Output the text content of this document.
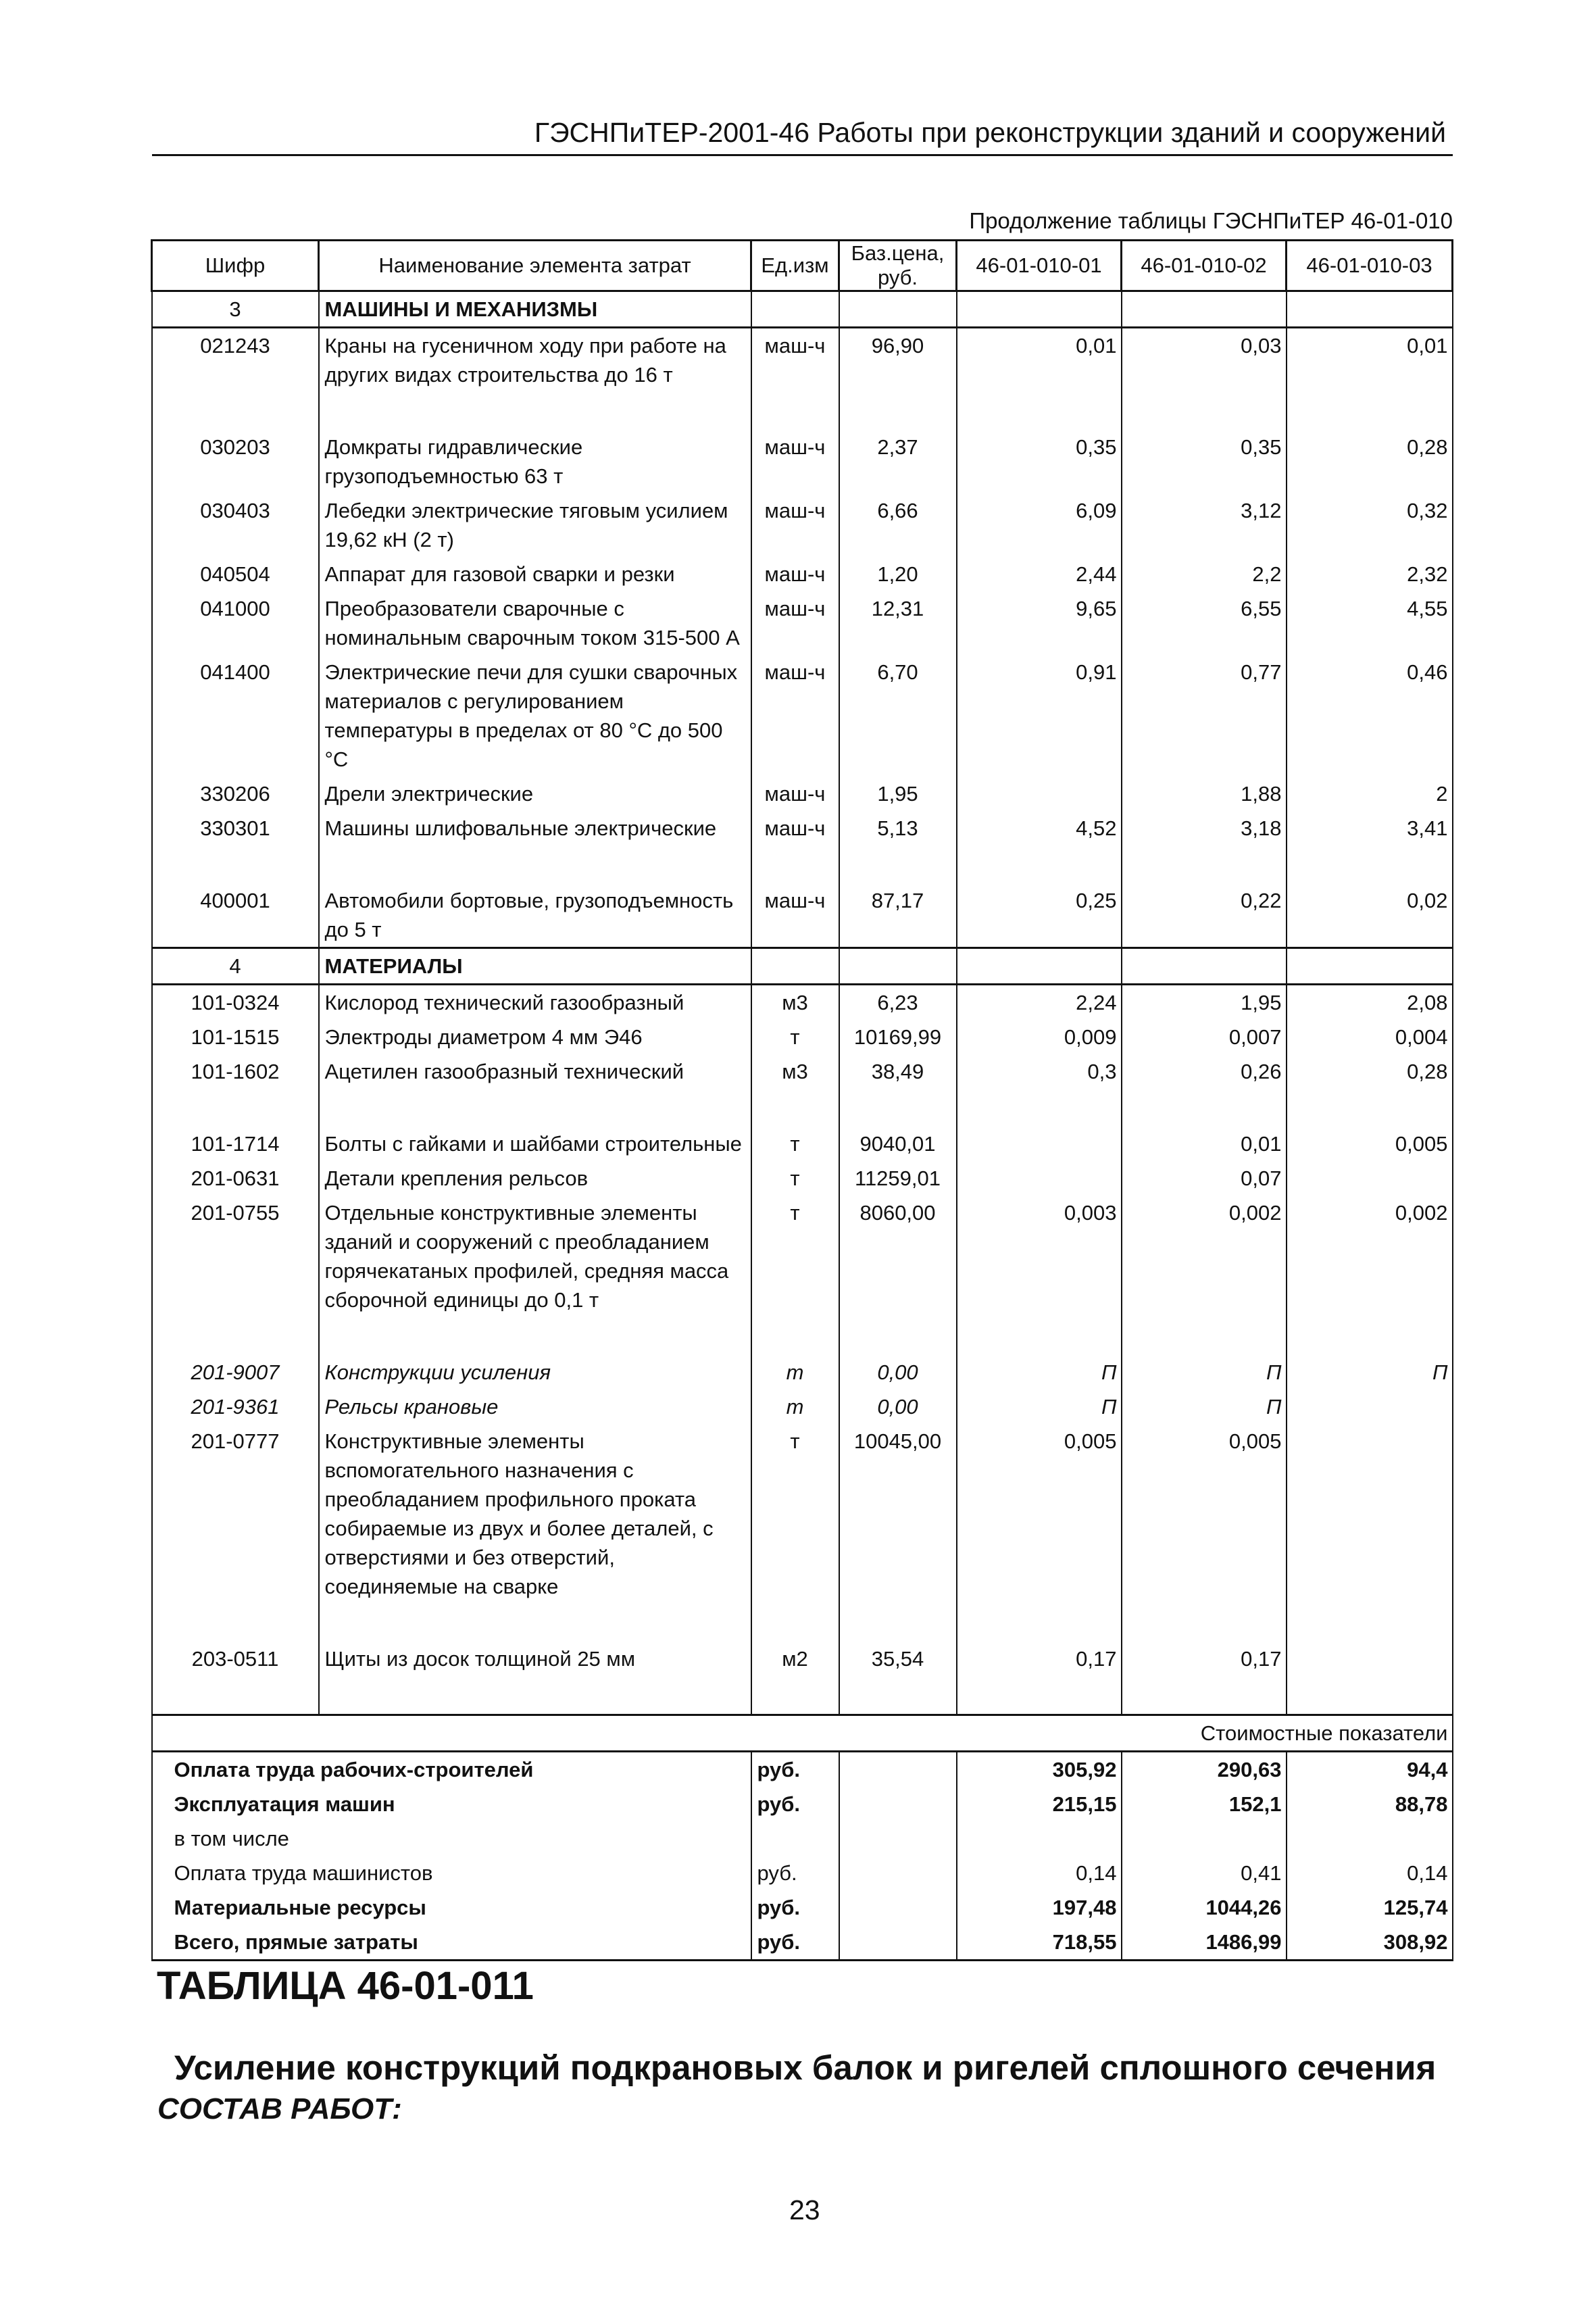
ГЭСНПиТЕР-2001-46 Работы при реконструкции зданий и сооружений
Продолжение таблицы ГЭСНПиТЕР 46-01-010
Шифр	Наименование элемента затрат	Ед.изм	Баз.цена, руб.	46-01-010-01	46-01-010-02	46-01-010-03
3	МАШИНЫ И МЕХАНИЗМЫ					
021243	Краны на гусеничном ходу при работе на других видах строительства до 16 т	маш-ч	96,90	0,01	0,03	0,01

030203	Домкраты гидравлические грузоподъемностью 63 т	маш-ч	2,37	0,35	0,35	0,28
030403	Лебедки электрические тяговым усилием 19,62 кН (2 т)	маш-ч	6,66	6,09	3,12	0,32
040504	Аппарат для газовой сварки и резки	маш-ч	1,20	2,44	2,2	2,32
041000	Преобразователи сварочные с номинальным сварочным током 315-500 А	маш-ч	12,31	9,65	6,55	4,55
041400	Электрические печи для сушки сварочных материалов с регулированием температуры в пределах от 80 °С до 500 °С	маш-ч	6,70	0,91	0,77	0,46
330206	Дрели электрические	маш-ч	1,95		1,88	2
330301	Машины шлифовальные электрические	маш-ч	5,13	4,52	3,18	3,41

400001	Автомобили бортовые, грузоподъемность до 5 т	маш-ч	87,17	0,25	0,22	0,02
4	МАТЕРИАЛЫ					
101-0324	Кислород технический газообразный	м3	6,23	2,24	1,95	2,08
101-1515	Электроды диаметром 4 мм Э46	т	10169,99	0,009	0,007	0,004
101-1602	Ацетилен газообразный технический	м3	38,49	0,3	0,26	0,28

101-1714	Болты с гайками и шайбами строительные	т	9040,01		0,01	0,005
201-0631	Детали крепления рельсов	т	11259,01		0,07	
201-0755	Отдельные конструктивные элементы зданий и сооружений с преобладанием горячекатаных профилей, средняя масса сборочной единицы до 0,1 т	т	8060,00	0,003	0,002	0,002

201-9007	Конструкции усиления	т	0,00	П	П	П
201-9361	Рельсы крановые	т	0,00	П	П	
201-0777	Конструктивные элементы вспомогательного назначения с преобладанием профильного проката собираемые из двух и более деталей, с отверстиями и без отверстий, соединяемые на сварке	т	10045,00	0,005	0,005	

203-0511	Щиты из досок толщиной 25 мм	м2	35,54	0,17	0,17	

Стоимостные показатели						
Оплата труда рабочих-строителей		руб.		305,92	290,63	94,4
Эксплуатация машин		руб.		215,15	152,1	88,78
в том числе						
Оплата труда машинистов		руб.		0,14	0,41	0,14
Материальные ресурсы		руб.		197,48	1044,26	125,74
Всего, прямые затраты		руб.		718,55	1486,99	308,92
ТАБЛИЦА 46-01-011
Усиление конструкций подкрановых балок и ригелей сплошного сечения
СОСТАВ РАБОТ:
23
